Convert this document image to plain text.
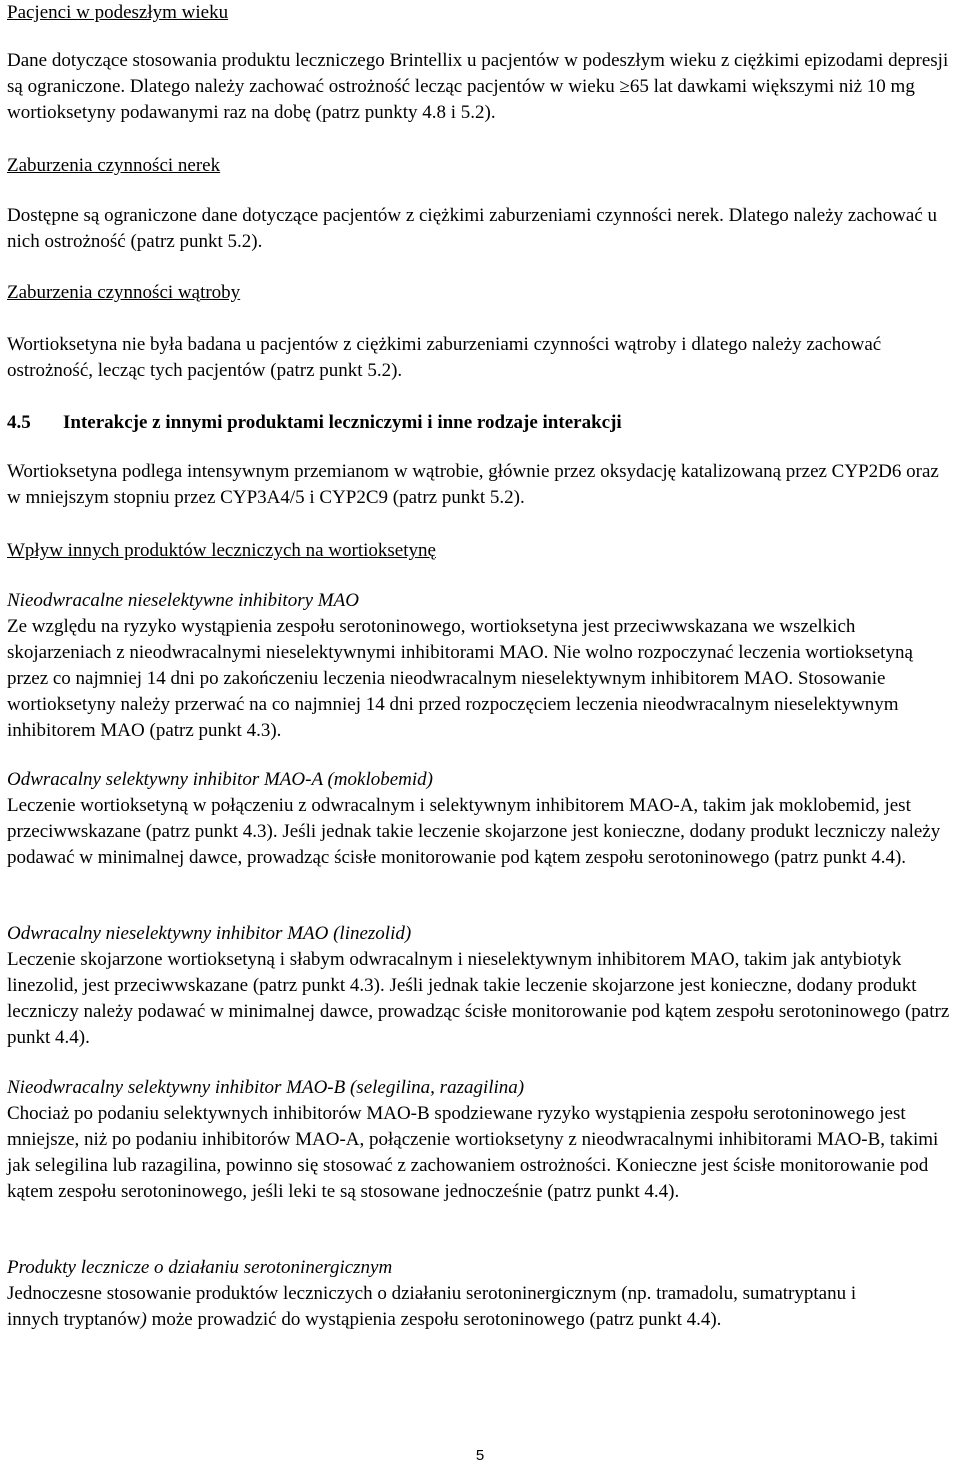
Pacjenci w podeszłym wieku

Dane dotyczące stosowania produktu leczniczego Brintellix u pacjentów w podeszłym wieku z ciężkimi epizodami depresji są ograniczone. Dlatego należy zachować ostrożność lecząc pacjentów w wieku ≥65 lat dawkami większymi niż 10 mg wortioksetyny podawanymi raz na dobę (patrz punkty 4.8 i 5.2).

Zaburzenia czynności nerek

Dostępne są ograniczone dane dotyczące pacjentów z ciężkimi zaburzeniami czynności nerek. Dlatego należy zachować u nich ostrożność (patrz punkt 5.2).

Zaburzenia czynności wątroby

Wortioksetyna nie była badana u pacjentów z ciężkimi zaburzeniami czynności wątroby i dlatego należy zachować ostrożność, lecząc tych pacjentów (patrz punkt 5.2).

4.5	Interakcje z innymi produktami leczniczymi i inne rodzaje interakcji

Wortioksetyna podlega intensywnym przemianom w wątrobie, głównie przez oksydację katalizowaną przez CYP2D6 oraz w mniejszym stopniu przez CYP3A4/5 i CYP2C9 (patrz punkt 5.2).

Wpływ innych produktów leczniczych na wortioksetynę

Nieodwracalne nieselektywne inhibitory MAO

Ze względu na ryzyko wystąpienia zespołu serotoninowego, wortioksetyna jest przeciwwskazana we wszelkich skojarzeniach z nieodwracalnymi nieselektywnymi inhibitorami MAO. Nie wolno rozpoczynać leczenia wortioksetyną przez co najmniej 14 dni po zakończeniu leczenia nieodwracalnym nieselektywnym inhibitorem MAO. Stosowanie wortioksetyny należy przerwać na co najmniej 14 dni przed rozpoczęciem leczenia nieodwracalnym nieselektywnym inhibitorem MAO (patrz punkt 4.3).

Odwracalny selektywny inhibitor MAO-A (moklobemid)

Leczenie wortioksetyną w połączeniu z odwracalnym i selektywnym inhibitorem MAO-A, takim jak moklobemid, jest przeciwwskazane (patrz punkt 4.3). Jeśli jednak takie leczenie skojarzone jest konieczne, dodany produkt leczniczy należy podawać w minimalnej dawce, prowadząc ścisłe monitorowanie pod kątem zespołu serotoninowego (patrz punkt 4.4).

Odwracalny nieselektywny inhibitor MAO (linezolid)

Leczenie skojarzone wortioksetyną i słabym odwracalnym i nieselektywnym inhibitorem MAO, takim jak antybiotyk linezolid, jest przeciwwskazane (patrz punkt 4.3). Jeśli jednak takie leczenie skojarzone jest konieczne, dodany produkt leczniczy należy podawać w minimalnej dawce, prowadząc ścisłe monitorowanie pod kątem zespołu serotoninowego (patrz punkt 4.4).

Nieodwracalny selektywny inhibitor MAO-B (selegilina, razagilina)

Chociaż po podaniu selektywnych inhibitorów MAO-B spodziewane ryzyko wystąpienia zespołu serotoninowego jest mniejsze, niż po podaniu inhibitorów MAO-A, połączenie wortioksetyny z nieodwracalnymi inhibitorami MAO-B, takimi jak selegilina lub razagilina, powinno się stosować z zachowaniem ostrożności. Konieczne jest ścisłe monitorowanie pod kątem zespołu serotoninowego, jeśli leki te są stosowane jednocześnie (patrz punkt 4.4).

Produkty lecznicze o działaniu serotoninergicznym

Jednoczesne stosowanie produktów leczniczych o działaniu serotoninergicznym (np. tramadolu, sumatryptanu i innych tryptanów) może prowadzić do wystąpienia zespołu serotoninowego (patrz punkt 4.4).

5
